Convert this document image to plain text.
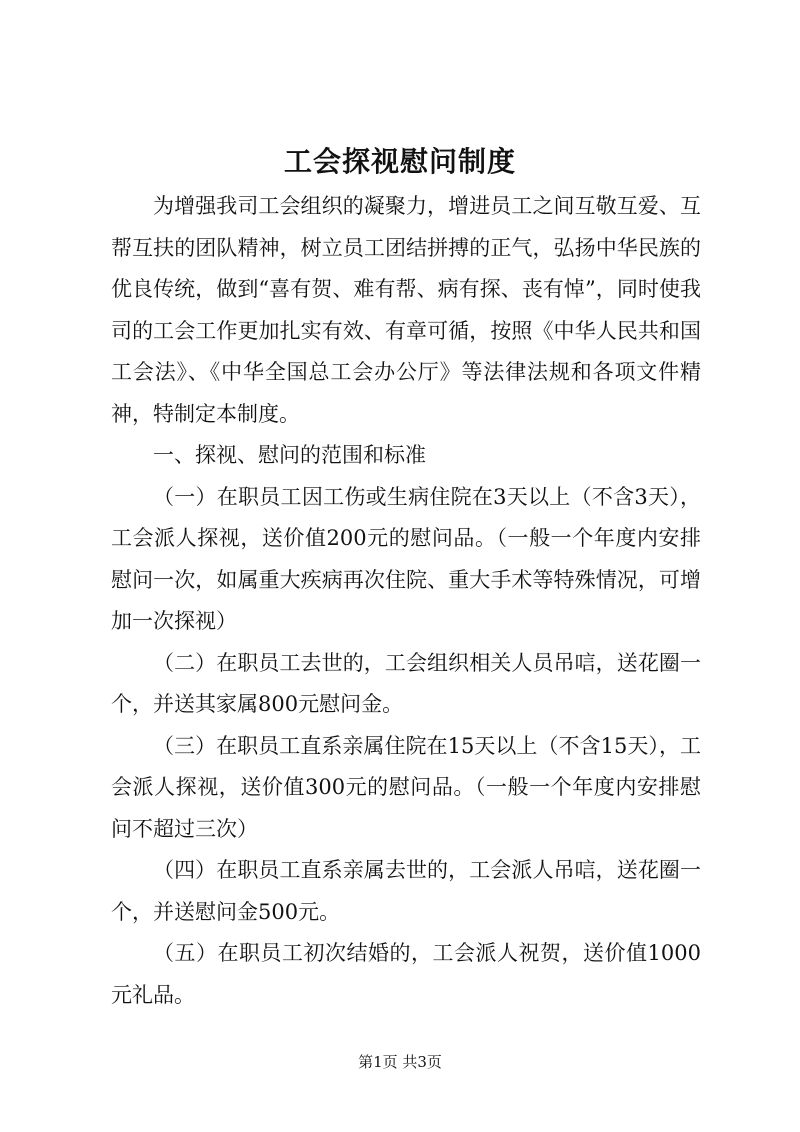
工会探视慰问制度

为增强我司工会组织的凝聚力，增进员工之间互敬互爱、互帮互扶的团队精神，树立员工团结拼搏的正气，弘扬中华民族的优良传统，做到“喜有贺、难有帮、病有探、丧有悼”，同时使我司的工会工作更加扎实有效、有章可循，按照《中华人民共和国工会法》、《中华全国总工会办公厅》等法律法规和各项文件精神，特制定本制度。

一、探视、慰问的范围和标准

（一）在职员工因工伤或生病住院在3天以上（不含3天），工会派人探视，送价值200元的慰问品。（一般一个年度内安排慰问一次，如属重大疾病再次住院、重大手术等特殊情况，可增加一次探视）

（二）在职员工去世的，工会组织相关人员吊唁，送花圈一个，并送其家属800元慰问金。

（三）在职员工直系亲属住院在15天以上（不含15天），工会派人探视，送价值300元的慰问品。（一般一个年度内安排慰问不超过三次）

（四）在职员工直系亲属去世的，工会派人吊唁，送花圈一个，并送慰问金500元。

（五）在职员工初次结婚的，工会派人祝贺，送价值1000元礼品。

第1页 共3页
